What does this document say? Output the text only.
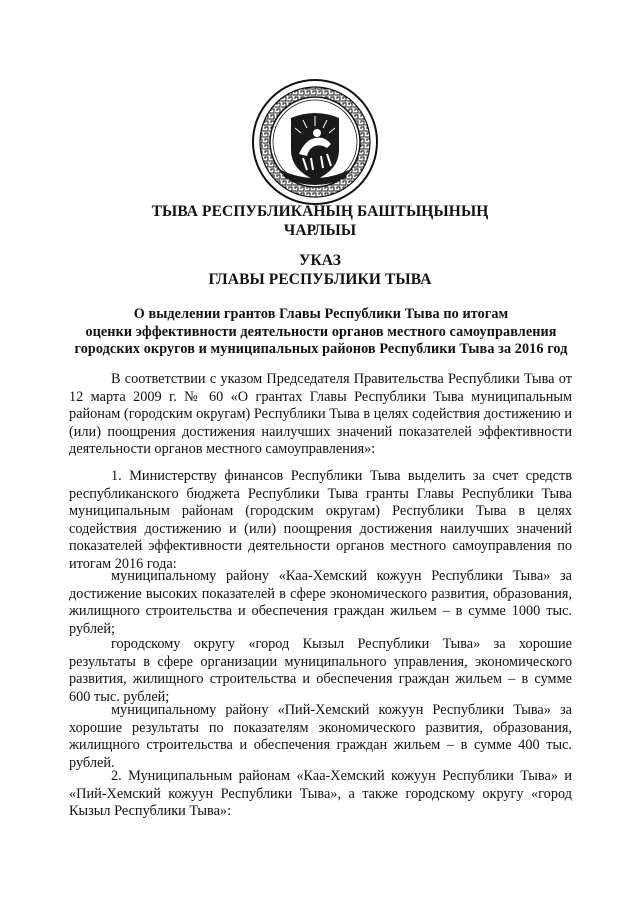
ТЫВА РЕСПУБЛИКАНЫҢ БАШТЫҢЫНЫҢ
ЧАРЛЫЫ
УКАЗ
ГЛАВЫ РЕСПУБЛИКИ ТЫВА
О выделении грантов Главы Республики Тыва по итогам
оценки эффективности деятельности органов местного самоуправления
городских округов и муниципальных районов Республики Тыва за 2016 год

В соответствии с указом Председателя Правительства Республики Тыва от 12 марта 2009 г. № 60 «О грантах Главы Республики Тыва муниципальным районам (городским округам) Республики Тыва в целях содействия достижению и (или) поощрения достижения наилучших значений показателей эффективности деятельности органов местного самоуправления»:

1. Министерству финансов Республики Тыва выделить за счет средств республиканского бюджета Республики Тыва гранты Главы Республики Тыва муниципальным районам (городским округам) Республики Тыва в целях содействия достижению и (или) поощрения достижения наилучших значений показателей эффективности деятельности органов местного самоуправления по итогам 2016 года:

муниципальному району «Каа-Хемский кожуун Республики Тыва» за достижение высоких показателей в сфере экономического развития, образования, жилищного строительства и обеспечения граждан жильем – в сумме 1000 тыс. рублей;

городскому округу «город Кызыл Республики Тыва» за хорошие результаты в сфере организации муниципального управления, экономического развития, жилищного строительства и обеспечения граждан жильем – в сумме 600 тыс. рублей;

муниципальному району «Пий-Хемский кожуун Республики Тыва» за хорошие результаты по показателям экономического развития, образования, жилищного строительства и обеспечения граждан жильем – в сумме 400 тыс. рублей.

2. Муниципальным районам «Каа-Хемский кожуун Республики Тыва» и «Пий-Хемский кожуун Республики Тыва», а также городскому округу «город Кызыл Республики Тыва»:
